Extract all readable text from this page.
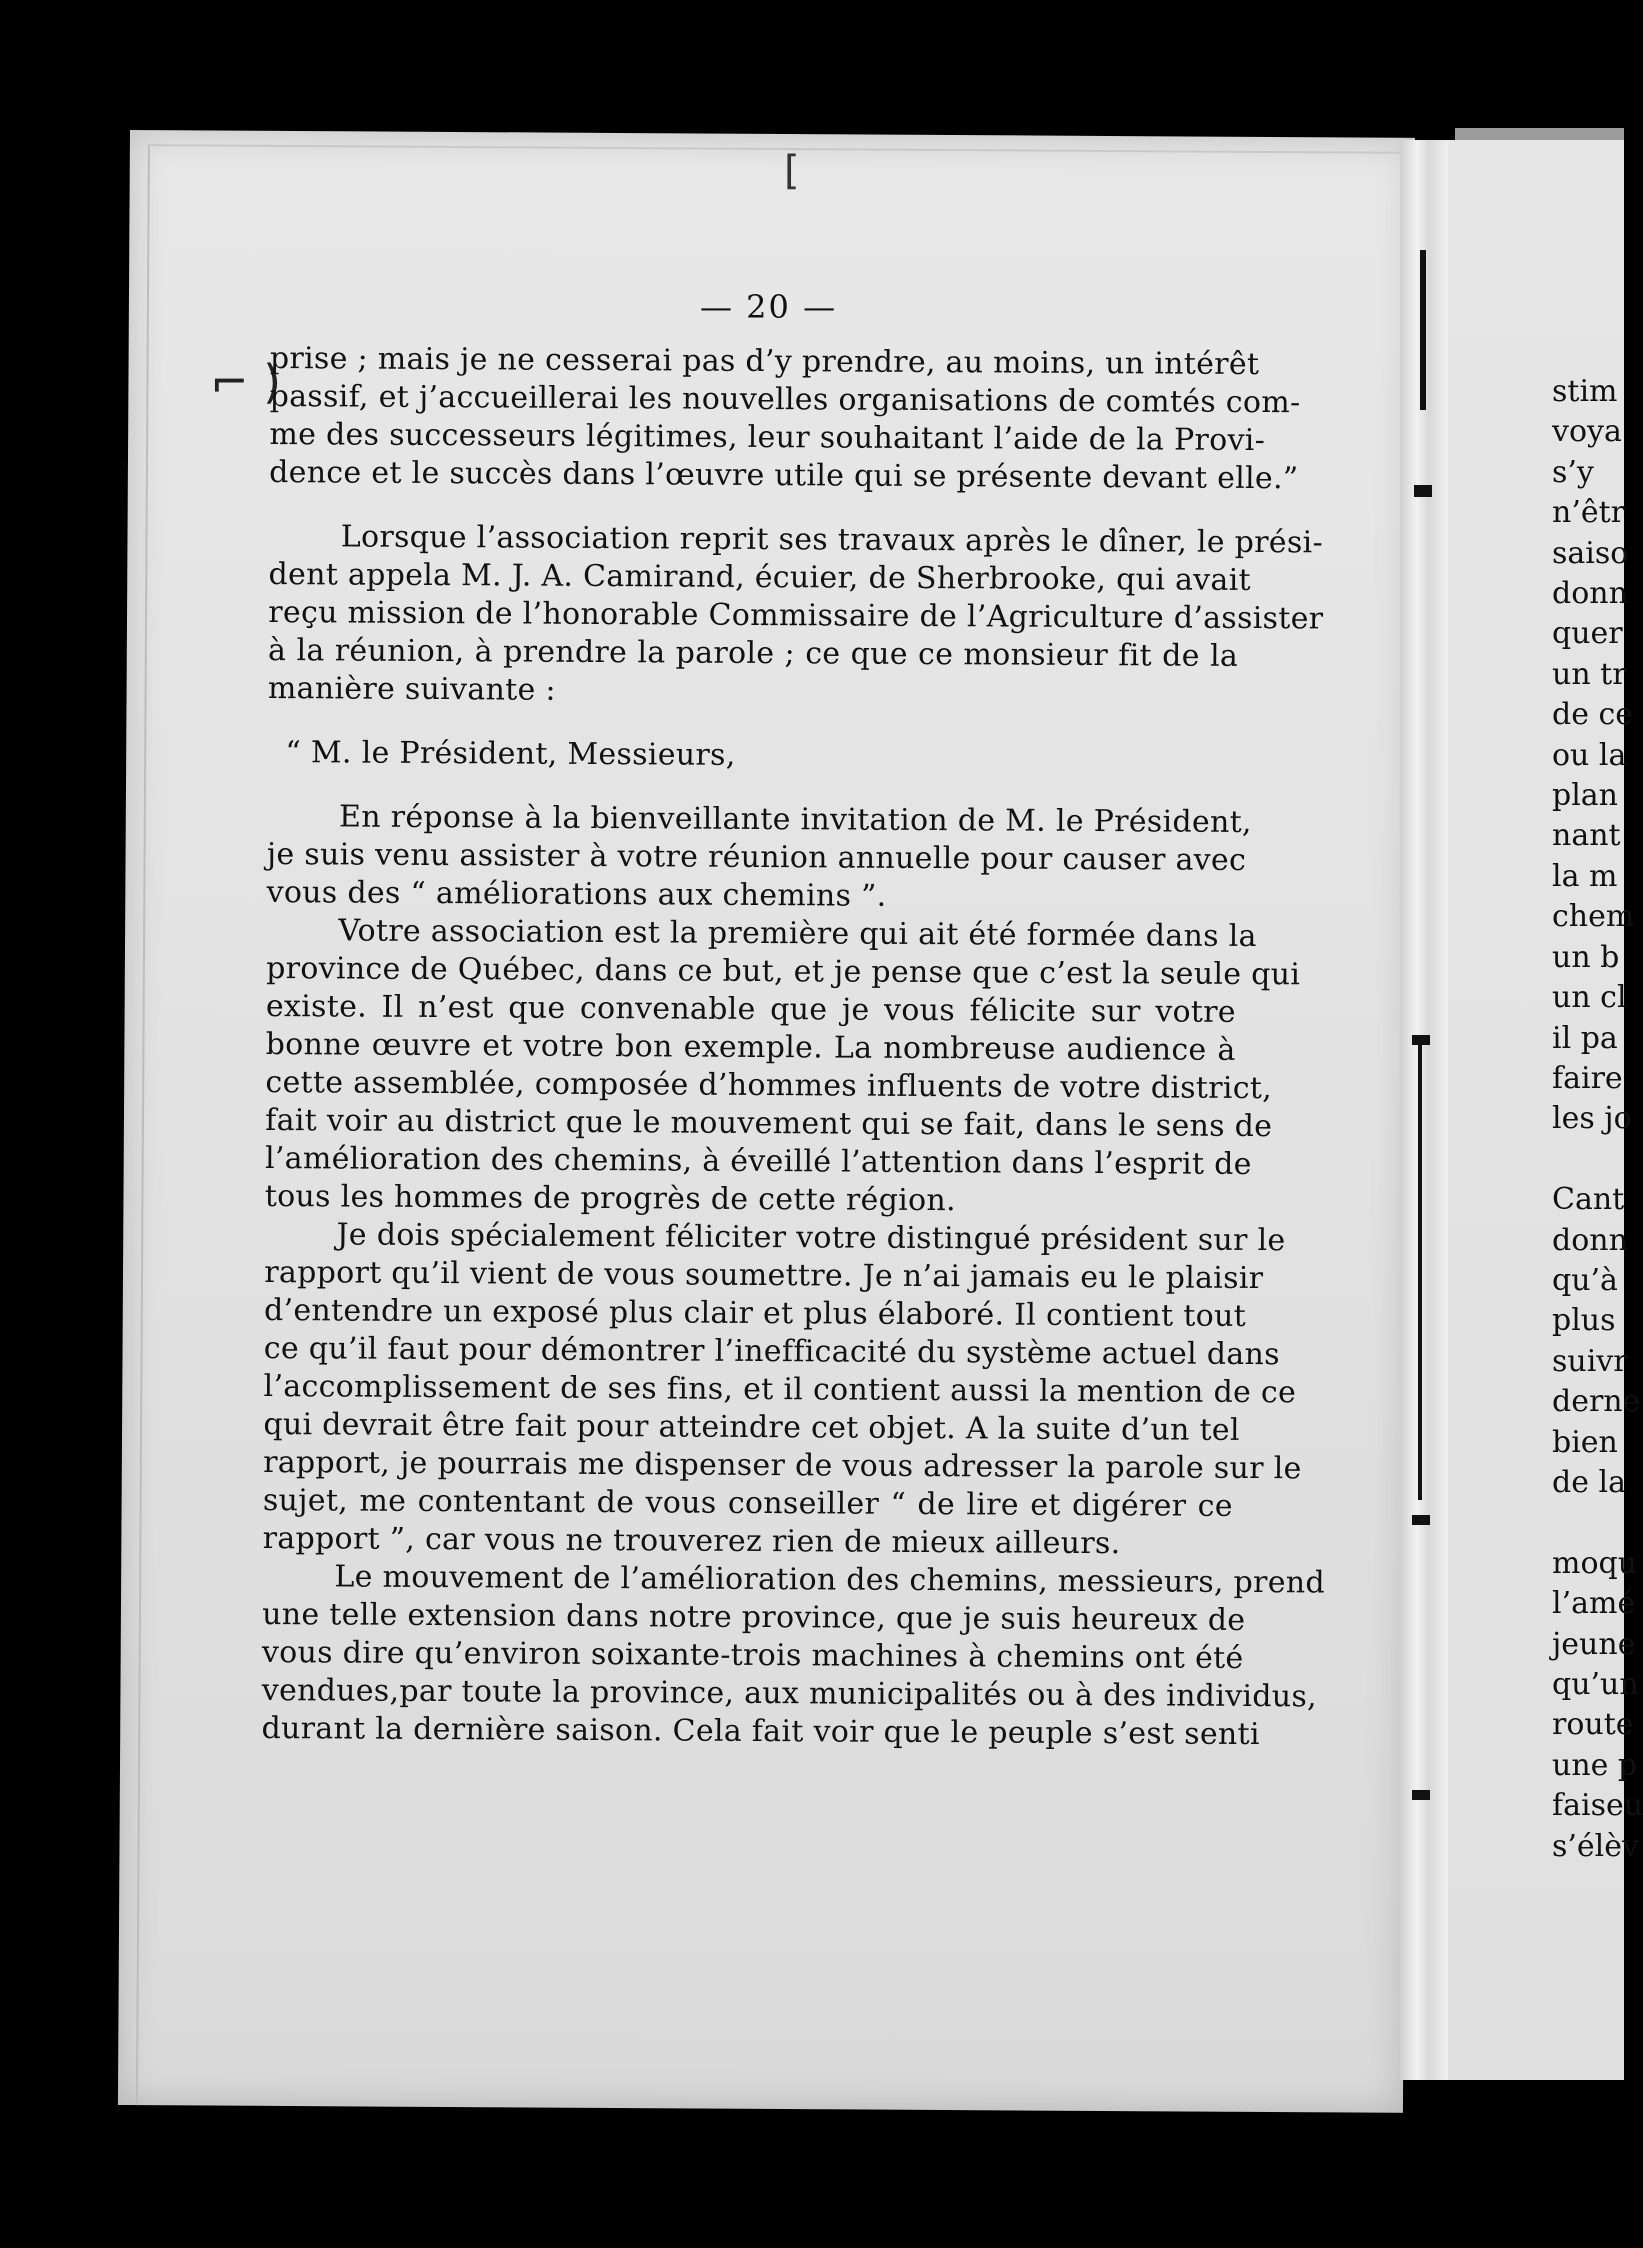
[
— 20 —
⌐ )
prise ; mais je ne cesserai pas d’y prendre, au moins, un intérêt
passif, et j’accueillerai les nouvelles organisations de comtés com-
me des successeurs légitimes, leur souhaitant l’aide de la Provi-
dence et le succès dans l’œuvre utile qui se présente devant elle.”
Lorsque l’association reprit ses travaux après le dîner, le prési-
dent appela M. J. A. Camirand, écuier, de Sherbrooke, qui avait
reçu mission de l’honorable Commissaire de l’Agriculture d’assister
à la réunion, à prendre la parole ; ce que ce monsieur fit de la
manière suivante :
“ M. le Président, Messieurs,
En réponse à la bienveillante invitation de M. le Président,
je suis venu assister à votre réunion annuelle pour causer avec
vous des “ améliorations aux chemins ”.
Votre association est la première qui ait été formée dans la
province de Québec, dans ce but, et je pense que c’est la seule qui
existe. Il n’est que convenable que je vous félicite sur votre
bonne œuvre et votre bon exemple. La nombreuse audience à
cette assemblée, composée d’hommes influents de votre district,
fait voir au district que le mouvement qui se fait, dans le sens de
l’amélioration des chemins, à éveillé l’attention dans l’esprit de
tous les hommes de progrès de cette région.
Je dois spécialement féliciter votre distingué président sur le
rapport qu’il vient de vous soumettre. Je n’ai jamais eu le plaisir
d’entendre un exposé plus clair et plus élaboré. Il contient tout
ce qu’il faut pour démontrer l’inefficacité du système actuel dans
l’accomplissement de ses fins, et il contient aussi la mention de ce
qui devrait être fait pour atteindre cet objet. A la suite d’un tel
rapport, je pourrais me dispenser de vous adresser la parole sur le
sujet, me contentant de vous conseiller “ de lire et digérer ce
rapport ”, car vous ne trouverez rien de mieux ailleurs.
Le mouvement de l’amélioration des chemins, messieurs, prend
une telle extension dans notre province, que je suis heureux de
vous dire qu’environ soixante-trois machines à chemins ont été
vendues,par toute la province, aux municipalités ou à des individus,
durant la dernière saison. Cela fait voir que le peuple s’est senti
stim
voya
s’y
n’êtr
saiso
donn
quer
un tr
de ce
ou la
plan
nant
la m
chem
un b
un cl
il pa
faire
les jo

Cant
donn
qu’à
plus
suivr
derne
bien
de la

moqu
l’amé
jeune
qu’un
route
une p
faiseu
s’élèv
